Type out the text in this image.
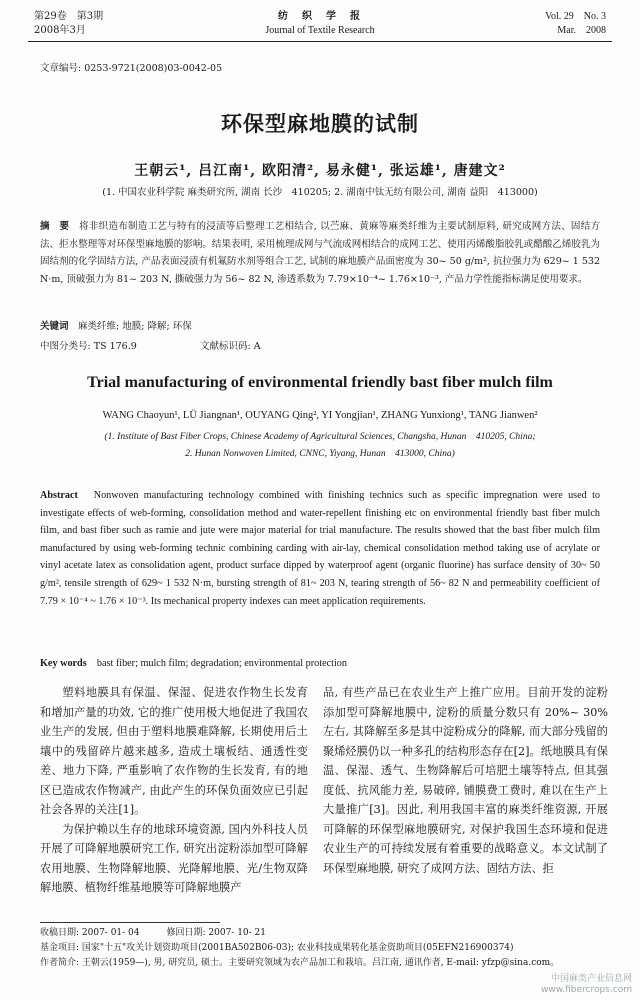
第29卷　第3期
2008年3月
纺　织　学　报
Journal of Textile Research
Vol. 29　No. 3
Mar.　2008
文章编号: 0253-9721(2008)03-0042-05
环保型麻地膜的试制
王朝云¹, 吕江南¹, 欧阳清², 易永健¹, 张运雄¹, 唐建文²
(1. 中国农业科学院 麻类研究所, 湖南 长沙　410205; 2. 湖南中钛无纺有限公司, 湖南 益阳　413000)
摘　要　 将非织造布制造工艺与特有的浸渍等后整理工艺相结合, 以苎麻、黄麻等麻类纤维为主要试制原料, 研究成网方法、固结方法、拒水整理等对环保型麻地膜的影响。结果表明, 采用梳理成网与气流成网相结合的成网工艺、使用丙烯酸脂胶乳或醋酸乙烯胶乳为固结剂的化学固结方法, 产品表面浸渍有机氟防水剂等组合工艺, 试制的麻地膜产品面密度为 30~ 50 g/m², 抗拉强力为 629~ 1 532 N·m, 顶破强力为 81~ 203 N, 撕破强力为 56~ 82 N, 渗透系数为 7.79×10⁻⁴~ 1.76×10⁻³, 产品力学性能指标满足使用要求。
关键词　 麻类纤维; 地膜; 降解; 环保
中图分类号: TS 176.9	文献标识码: A
Trial manufacturing of environmental friendly bast fiber mulch film
WANG Chaoyun¹, LÜ Jiangnan¹, OUYANG Qing², YI Yongjian¹, ZHANG Yunxiong¹, TANG Jianwen²
(1. Institute of Bast Fiber Crops, Chinese Academy of Agricultural Sciences, Changsha, Hunan　410205, China;
2. Hunan Nonwoven Limited, CNNC, Yiyang, Hunan　413000, China)
Abstract　 Nonwoven manufacturing technology combined with finishing technics such as specific impregnation were used to investigate effects of web-forming, consolidation method and water-repellent finishing etc on environmental friendly bast fiber mulch film, and bast fiber such as ramie and jute were major material for trial manufacture. The results showed that the bast fiber mulch film manufactured by using web-forming technic combining carding with air-lay, chemical consolidation method taking use of acrylate or vinyl acetate latex as consolidation agent, product surface dipped by waterproof agent (organic fluorine) has surface density of 30~ 50 g/m², tensile strength of 629~ 1 532 N·m, bursting strength of 81~ 203 N, tearing strength of 56~ 82 N and permeability coefficient of 7.79 × 10⁻⁴ ~ 1.76 × 10⁻³. Its mechanical property indexes can meet application requirements.
Key words　 bast fiber; mulch film; degradation; environmental protection
塑料地膜具有保温、保湿、促进农作物生长发育和增加产量的功效, 它的推广使用极大地促进了我国农业生产的发展, 但由于塑料地膜难降解, 长期使用后土壤中的残留碎片越来越多, 造成土壤板结、通透性变差、地力下降, 严重影响了农作物的生长发育, 有的地区已造成农作物减产, 由此产生的环保负面效应已引起社会各界的关注[1]。
为保护赖以生存的地球环境资源, 国内外科技人员开展了可降解地膜研究工作, 研究出淀粉添加型可降解农用地膜、生物降解地膜、光降解地膜、光/生物双降解地膜、植物纤维基地膜等可降解地膜产
品, 有些产品已在农业生产上推广应用。目前开发的淀粉添加型可降解地膜中, 淀粉的质量分数只有 20%~ 30% 左右, 其降解至多是其中淀粉成分的降解, 而大部分残留的聚烯烃膜仍以一种多孔的结构形态存在[2]。纸地膜具有保温、保湿、透气、生物降解后可培肥土壤等特点, 但其强度低、抗风能力差, 易破碎, 铺膜费工费时, 难以在生产上大量推广[3]。因此, 利用我国丰富的麻类纤维资源, 开展可降解的环保型麻地膜研究, 对保护我国生态环境和促进农业生产的可持续发展有着重要的战略意义。本文试制了环保型麻地膜, 研究了成网方法、固结方法、拒
收稿日期: 2007- 01- 04　　　修回日期: 2007- 10- 21
基金项目: 国家"十五"攻关计划资助项目(2001BA502B06-03); 农业科技成果转化基金资助项目(05EFN216900374)
作者简介: 王朝云(1959—), 男, 研究员, 硕士。主要研究领域为农产品加工和栽培。吕江南, 通讯作者, E-mail: yfzp@sina.com。
中国麻类产业信息网
www.fibercrops.com
